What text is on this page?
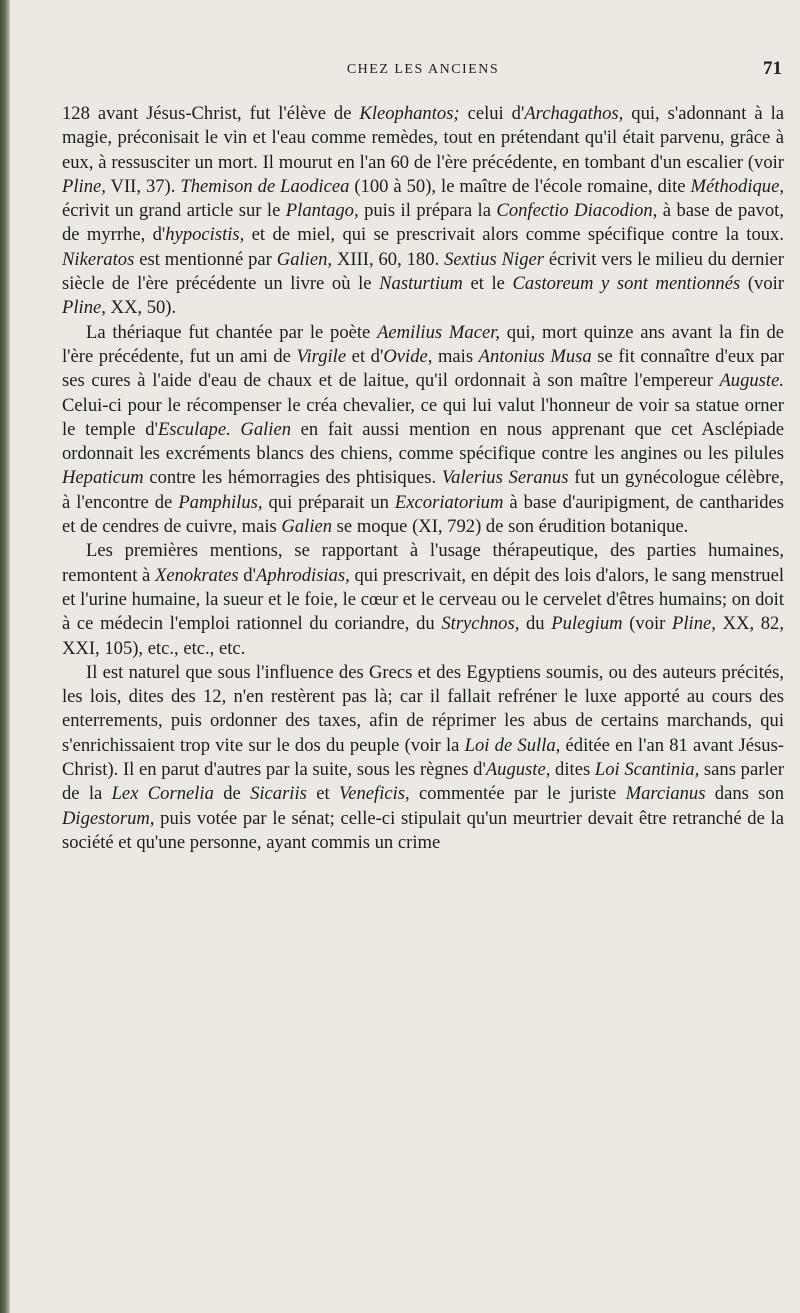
CHEZ LES ANCIENS	71

128 avant Jésus-Christ, fut l'élève de Kleophantos; celui d'Archagathos, qui, s'adonnant à la magie, préconisait le vin et l'eau comme remèdes, tout en prétendant qu'il était parvenu, grâce à eux, à ressusciter un mort. Il mourut en l'an 60 de l'ère précédente, en tombant d'un escalier (voir Pline, VII, 37). Themison de Laodicea (100 à 50), le maître de l'école romaine, dite Méthodique, écrivit un grand article sur le Plantago, puis il prépara la Confectio Diacodion, à base de pavot, de myrrhe, d'hypocistis, et de miel, qui se prescrivait alors comme spécifique contre la toux. Nikeratos est mentionné par Galien, XIII, 60, 180. Sextius Niger écrivit vers le milieu du dernier siècle de l'ère précédente un livre où le Nasturtium et le Castoreum y sont mentionnés (voir Pline, XX, 50).

La thériaque fut chantée par le poète Aemilius Macer, qui, mort quinze ans avant la fin de l'ère précédente, fut un ami de Virgile et d'Ovide, mais Antonius Musa se fit connaître d'eux par ses cures à l'aide d'eau de chaux et de laitue, qu'il ordonnait à son maître l'empereur Auguste. Celui-ci pour le récompenser le créa chevalier, ce qui lui valut l'honneur de voir sa statue orner le temple d'Esculape. Galien en fait aussi mention en nous apprenant que cet Asclépiade ordonnait les excréments blancs des chiens, comme spécifique contre les angines ou les pilules Hepaticum contre les hémorragies des phtisiques. Valerius Seranus fut un gynécologue célèbre, à l'encontre de Pamphilus, qui préparait un Excoriatorium à base d'auripigment, de cantharides et de cendres de cuivre, mais Galien se moque (XI, 792) de son érudition botanique.

Les premières mentions, se rapportant à l'usage thérapeutique, des parties humaines, remontent à Xenokrates d'Aphrodisias, qui prescrivait, en dépit des lois d'alors, le sang menstruel et l'urine humaine, la sueur et le foie, le cœur et le cerveau ou le cervelet d'êtres humains; on doit à ce médecin l'emploi rationnel du coriandre, du Strychnos, du Pulegium (voir Pline, XX, 82, XXI, 105), etc., etc., etc.

Il est naturel que sous l'influence des Grecs et des Egyptiens soumis, ou des auteurs précités, les lois, dites des 12, n'en restèrent pas là; car il fallait refréner le luxe apporté au cours des enterrements, puis ordonner des taxes, afin de réprimer les abus de certains marchands, qui s'enrichissaient trop vite sur le dos du peuple (voir la Loi de Sulla, éditée en l'an 81 avant Jésus-Christ). Il en parut d'autres par la suite, sous les règnes d'Auguste, dites Loi Scantinia, sans parler de la Lex Cornelia de Sicariis et Veneficis, commentée par le juriste Marcianus dans son Digestorum, puis votée par le sénat; celle-ci stipulait qu'un meurtrier devait être retranché de la société et qu'une personne, ayant commis un crime
